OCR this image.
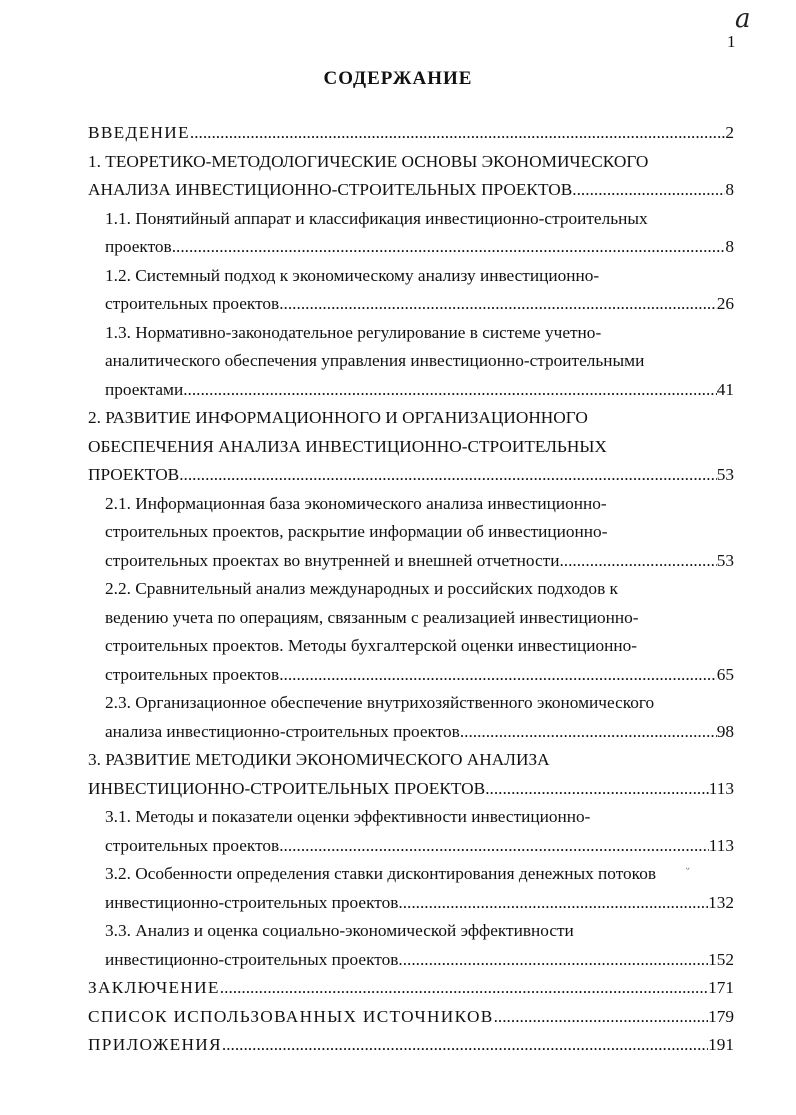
a
1
СОДЕРЖАНИЕ
ᵕ
ВВЕДЕНИЕ .....	2
1. ТЕОРЕТИКО-МЕТОДОЛОГИЧЕСКИЕ ОСНОВЫ ЭКОНОМИЧЕСКОГО
АНАЛИЗА ИНВЕСТИЦИОННО-СТРОИТЕЛЬНЫХ ПРОЕКТОВ .....	8
1.1. Понятийный аппарат и классификация инвестиционно-строительных
проектов .....	8
1.2. Системный подход к экономическому анализу инвестиционно-
строительных проектов .....	26
1.3. Нормативно-законодательное регулирование в системе учетно-
аналитического обеспечения управления инвестиционно-строительными
проектами .....	41
2. РАЗВИТИЕ ИНФОРМАЦИОННОГО И ОРГАНИЗАЦИОННОГО
ОБЕСПЕЧЕНИЯ АНАЛИЗА ИНВЕСТИЦИОННО-СТРОИТЕЛЬНЫХ
ПРОЕКТОВ .....	53
2.1. Информационная база экономического анализа инвестиционно-
строительных проектов, раскрытие информации об инвестиционно-
строительных проектах во внутренней и внешней отчетности .....	53
2.2. Сравнительный анализ международных и российских подходов к
ведению учета по операциям, связанным с реализацией инвестиционно-
строительных проектов. Методы бухгалтерской оценки инвестиционно-
строительных проектов .....	65
2.3. Организационное обеспечение внутрихозяйственного экономического
анализа инвестиционно-строительных проектов .....	98
3. РАЗВИТИЕ МЕТОДИКИ ЭКОНОМИЧЕСКОГО АНАЛИЗА
ИНВЕСТИЦИОННО-СТРОИТЕЛЬНЫХ ПРОЕКТОВ .....	113
3.1. Методы и показатели оценки эффективности инвестиционно-
строительных проектов .....	113
3.2. Особенности определения ставки дисконтирования денежных потоков
инвестиционно-строительных проектов .....	132
3.3. Анализ и оценка социально-экономической эффективности
инвестиционно-строительных проектов .....	152
ЗАКЛЮЧЕНИЕ .....	171
СПИСОК ИСПОЛЬЗОВАННЫХ ИСТОЧНИКОВ .....	179
ПРИЛОЖЕНИЯ .....	191
